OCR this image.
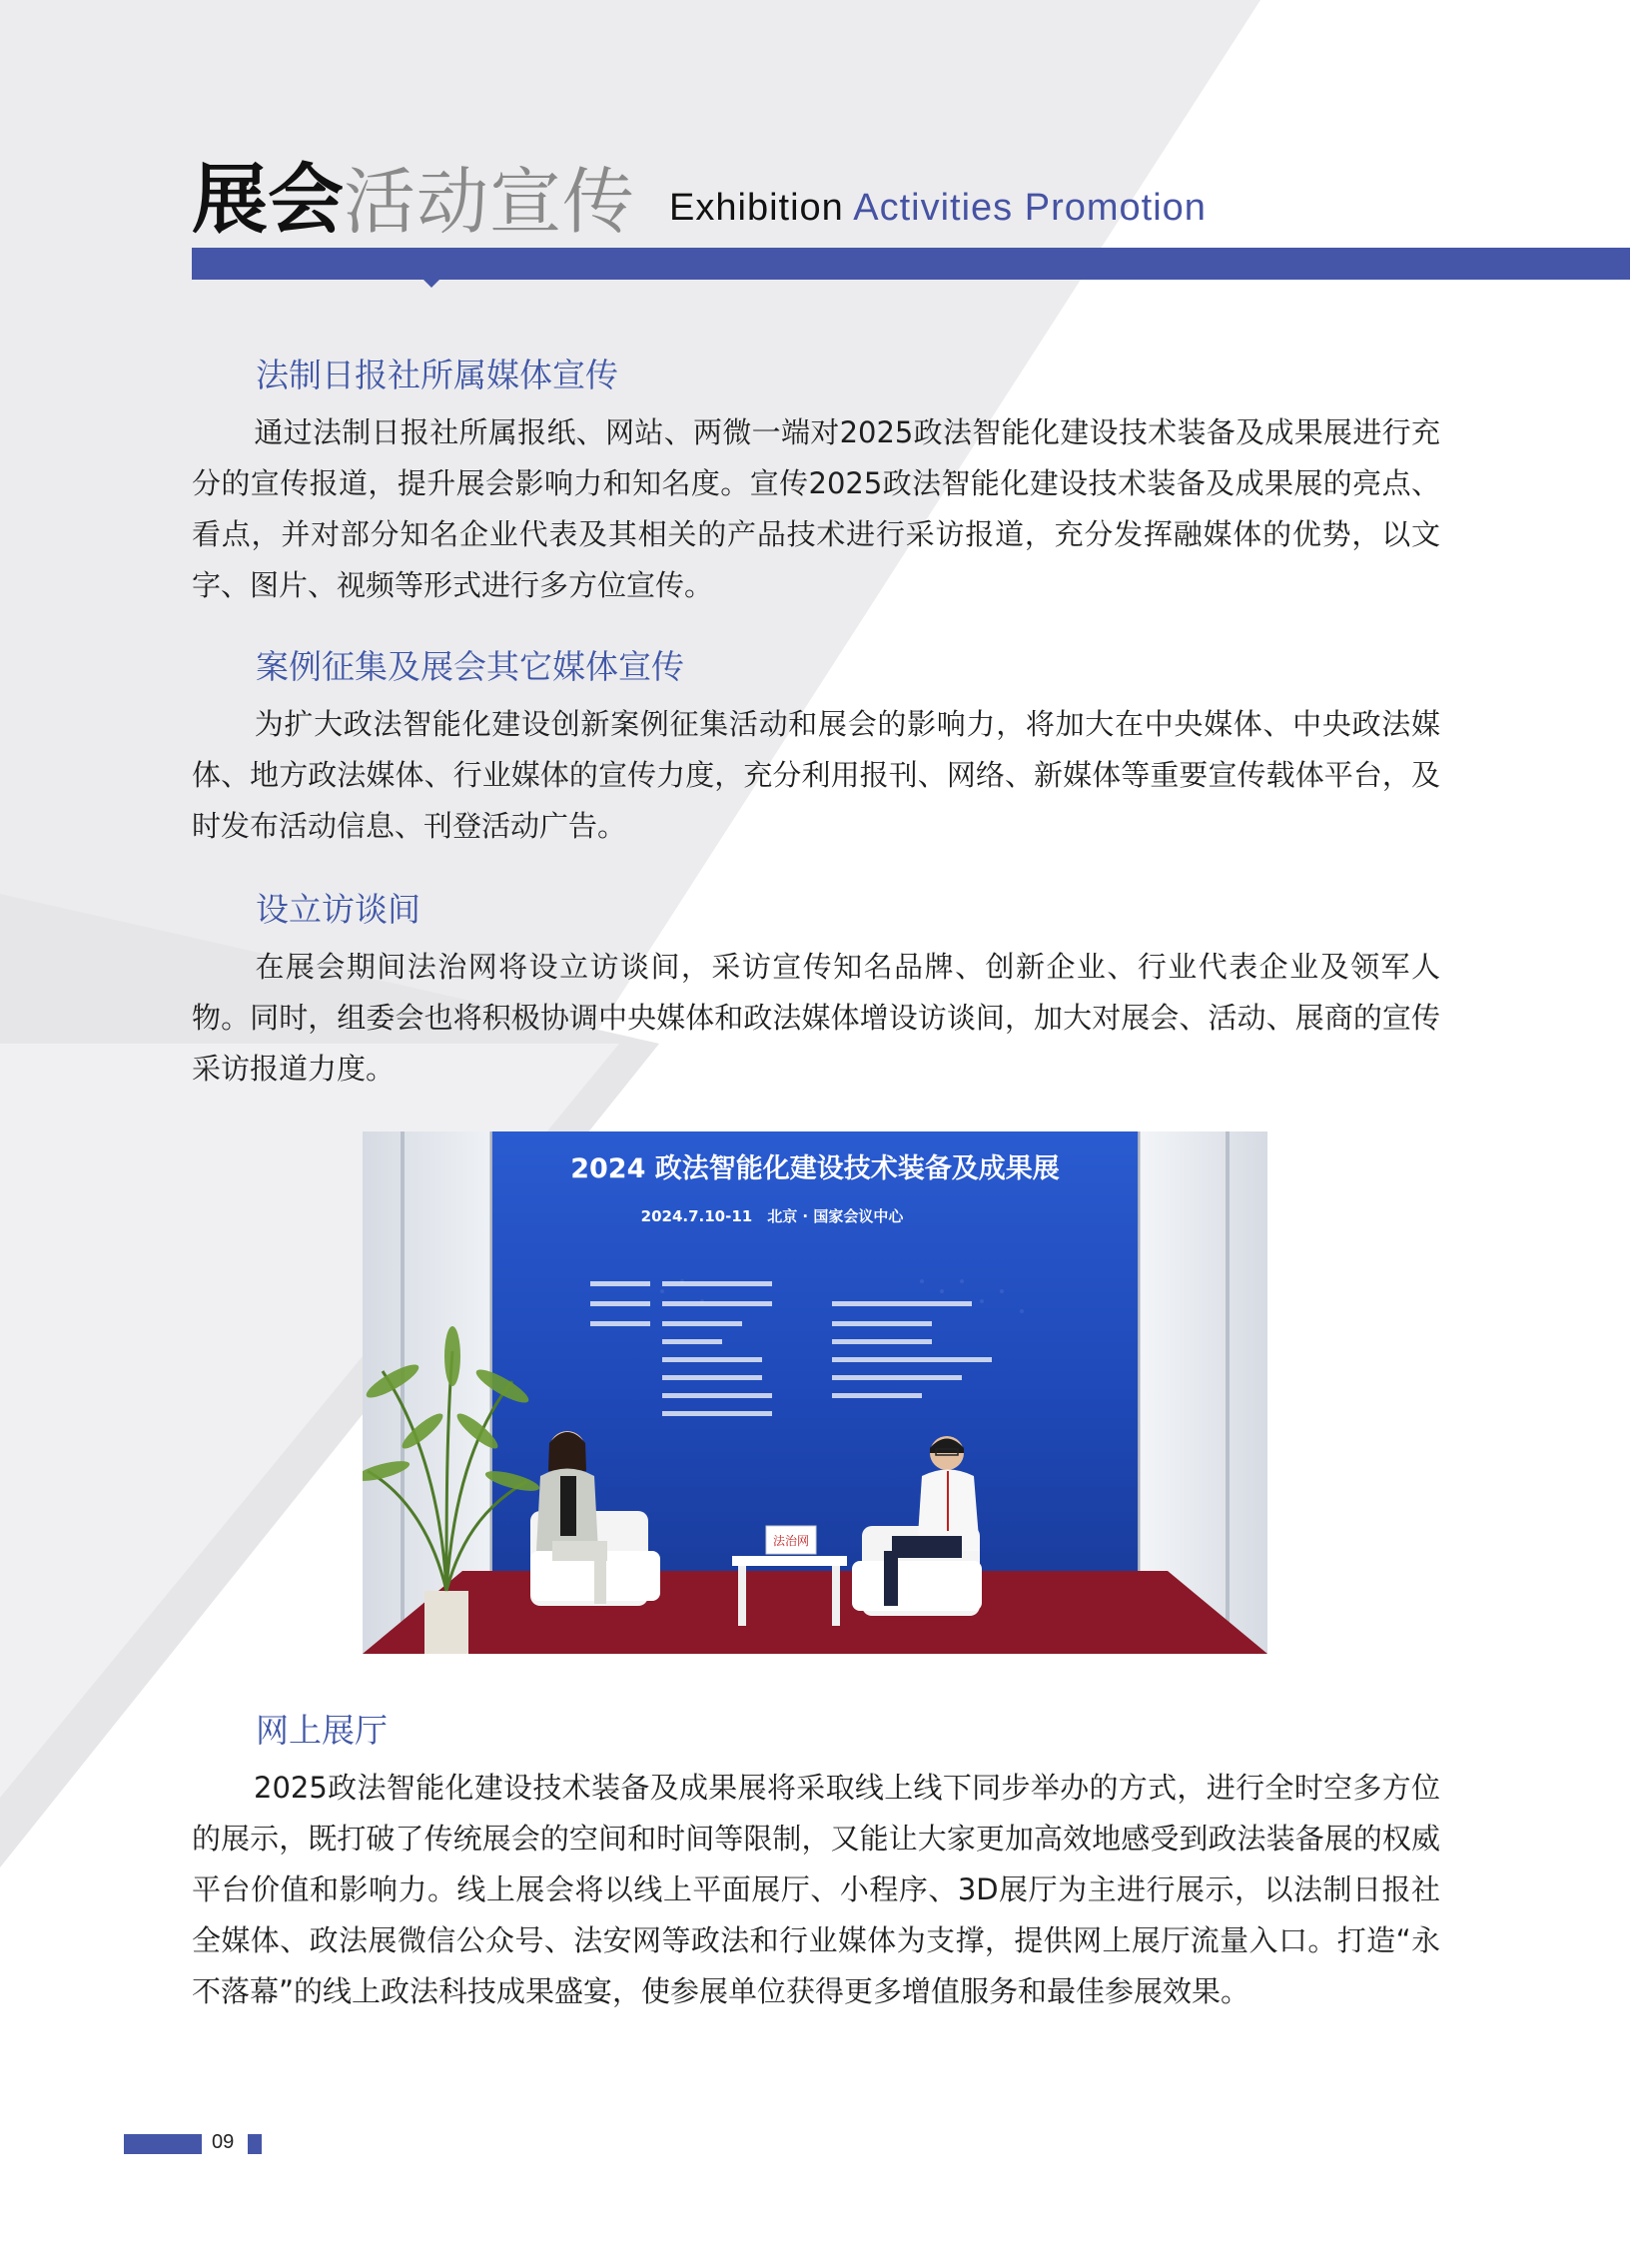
展会 活动宣传 Exhibition Activities Promotion
法制日报社所属媒体宣传

通过法制日报社所属报纸、网站、两微一端对2025政法智能化建设技术装备及成果展进行充分的宣传报道，提升展会影响力和知名度。宣传2025政法智能化建设技术装备及成果展的亮点、看点，并对部分知名企业代表及其相关的产品技术进行采访报道，充分发挥融媒体的优势，以文字、图片、视频等形式进行多方位宣传。

案例征集及展会其它媒体宣传

为扩大政法智能化建设创新案例征集活动和展会的影响力，将加大在中央媒体、中央政法媒体、地方政法媒体、行业媒体的宣传力度，充分利用报刊、网络、新媒体等重要宣传载体平台，及时发布活动信息、刊登活动广告。

设立访谈间

在展会期间法治网将设立访谈间，采访宣传知名品牌、创新企业、行业代表企业及领军人物。同时，组委会也将积极协调中央媒体和政法媒体增设访谈间，加大对展会、活动、展商的宣传采访报道力度。

网上展厅

2025政法智能化建设技术装备及成果展将采取线上线下同步举办的方式，进行全时空多方位的展示，既打破了传统展会的空间和时间等限制，又能让大家更加高效地感受到政法装备展的权威平台价值和影响力。线上展会将以线上平面展厅、小程序、3D展厅为主进行展示，以法制日报社全媒体、政法展微信公众号、法安网等政法和行业媒体为支撑，提供网上展厅流量入口。打造“永不落幕”的线上政法科技成果盛宴，使参展单位获得更多增值服务和最佳参展效果。

2024 政法智能化建设技术装备及成果展
2024.7.10-11　北京 · 国家会议中心
法治网
09
